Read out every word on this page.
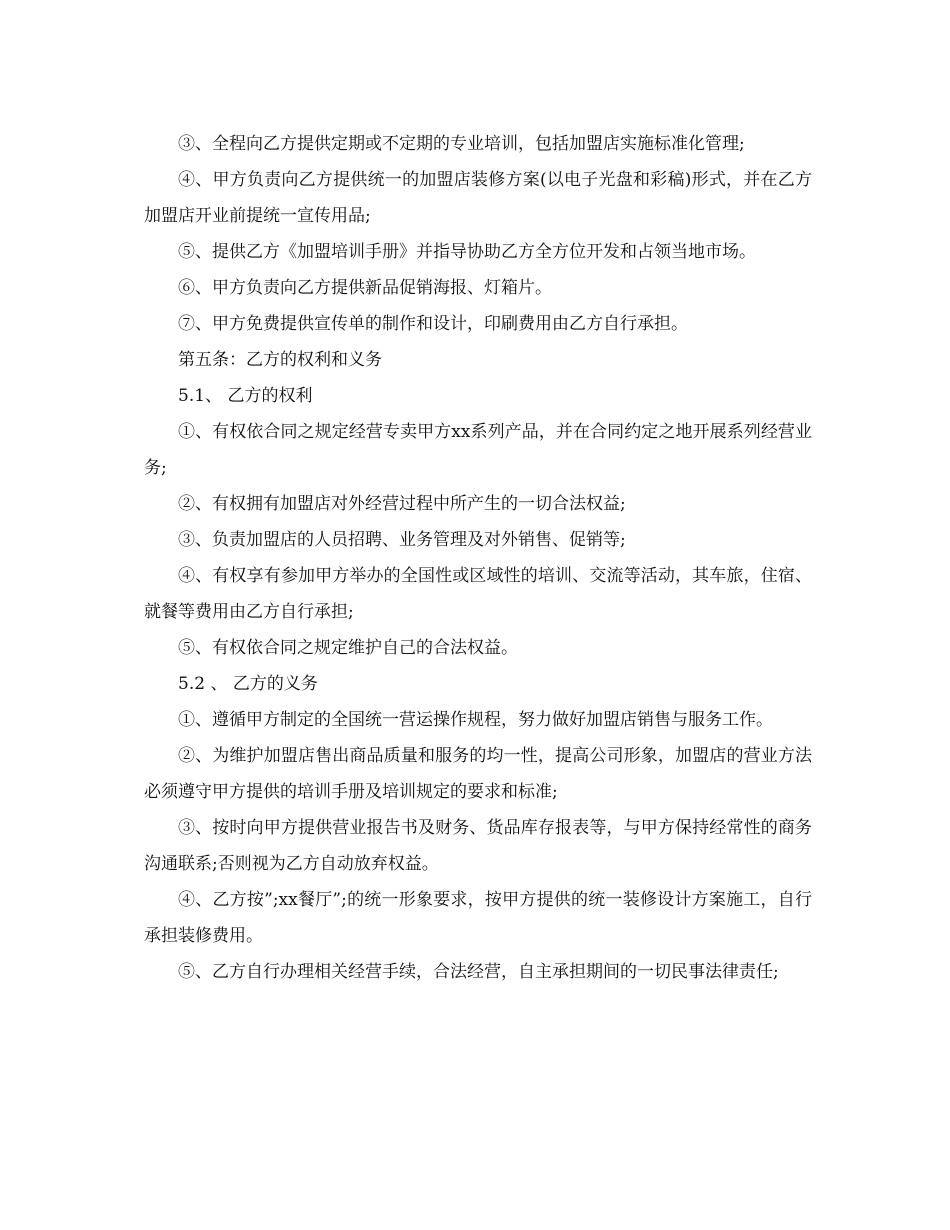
③、全程向乙方提供定期或不定期的专业培训，包括加盟店实施标准化管理;

④、甲方负责向乙方提供统一的加盟店装修方案(以电子光盘和彩稿)形式，并在乙方加盟店开业前提统一宣传用品;

⑤、提供乙方《加盟培训手册》并指导协助乙方全方位开发和占领当地市场。

⑥、甲方负责向乙方提供新品促销海报、灯箱片。

⑦、甲方免费提供宣传单的制作和设计，印刷费用由乙方自行承担。

第五条：乙方的权利和义务

5.1、 乙方的权利

①、有权依合同之规定经营专卖甲方xx系列产品，并在合同约定之地开展系列经营业务;

②、有权拥有加盟店对外经营过程中所产生的一切合法权益;

③、负责加盟店的人员招聘、业务管理及对外销售、促销等;

④、有权享有参加甲方举办的全国性或区域性的培训、交流等活动，其车旅，住宿、就餐等费用由乙方自行承担;

⑤、有权依合同之规定维护自己的合法权益。

5.2 、 乙方的义务

①、遵循甲方制定的全国统一营运操作规程，努力做好加盟店销售与服务工作。

②、为维护加盟店售出商品质量和服务的均一性，提高公司形象，加盟店的营业方法必须遵守甲方提供的培训手册及培训规定的要求和标准;

③、按时向甲方提供营业报告书及财务、货品库存报表等，与甲方保持经常性的商务沟通联系;否则视为乙方自动放弃权益。

④、乙方按”;xx餐厅”;的统一形象要求，按甲方提供的统一装修设计方案施工，自行承担装修费用。

⑤、乙方自行办理相关经营手续，合法经营，自主承担期间的一切民事法律责任;
